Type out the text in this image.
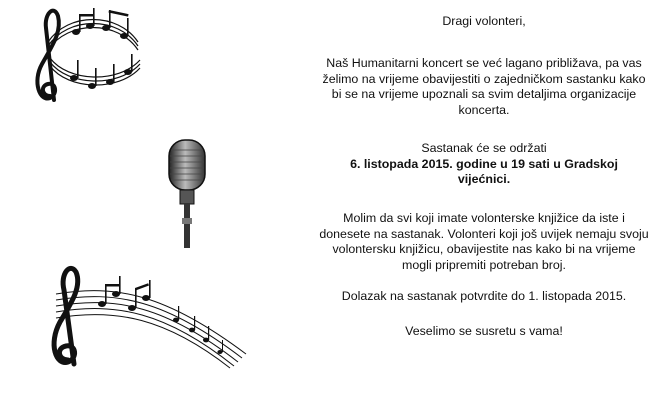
Dragi volonteri,

Naš Humanitarni koncert se već lagano približava, pa vas želimo na vrijeme obavijestiti o zajedničkom sastanku kako bi se na vrijeme upoznali sa svim detaljima organizacije koncerta.

Sastanak će se održati
6. listopada 2015. godine u 19 sati u Gradskoj vijećnici.

Molim da svi koji imate volonterske knjižice da iste i donesete na sastanak. Volonteri koji još uvijek nemaju svoju volontersku knjižicu, obavijestite nas kako bi na vrijeme mogli pripremiti potreban broj.

Dolazak na sastanak potvrdite do 1. listopada 2015.

Veselimo se susretu s vama!
